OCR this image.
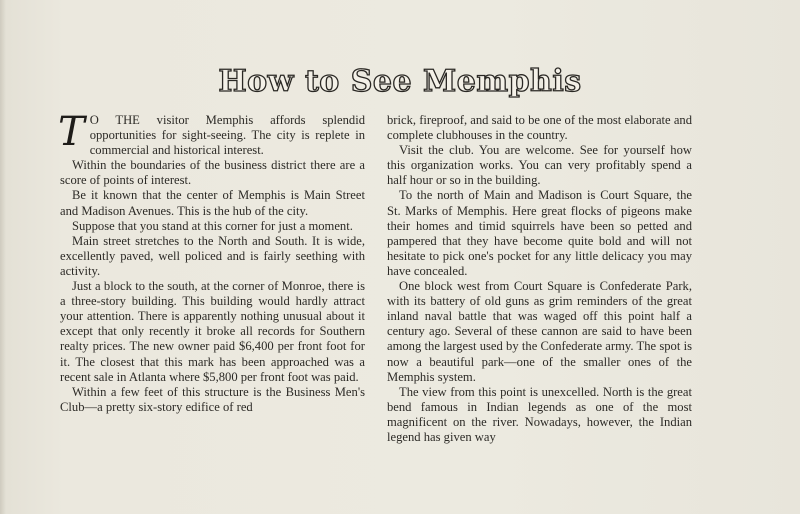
How to See Memphis

T O THE visitor Memphis affords splendid opportunities for sight-seeing. The city is replete in commercial and historical interest.

Within the boundaries of the business district there are a score of points of interest.

Be it known that the center of Memphis is Main Street and Madison Avenues. This is the hub of the city.

Suppose that you stand at this corner for just a moment.

Main street stretches to the North and South. It is wide, excellently paved, well policed and is fairly seething with activity.

Just a block to the south, at the corner of Monroe, there is a three-story building. This building would hardly attract your attention. There is apparently nothing unusual about it except that only recently it broke all records for Southern realty prices. The new owner paid $6,400 per front foot for it. The closest that this mark has been approached was a recent sale in Atlanta where $5,800 per front foot was paid.

Within a few feet of this structure is the Business Men's Club—a pretty six-story edifice of red

brick, fireproof, and said to be one of the most elaborate and complete clubhouses in the country.

Visit the club. You are welcome. See for yourself how this organization works. You can very profitably spend a half hour or so in the building.

To the north of Main and Madison is Court Square, the St. Marks of Memphis. Here great flocks of pigeons make their homes and timid squirrels have been so petted and pampered that they have become quite bold and will not hesitate to pick one's pocket for any little delicacy you may have concealed.

One block west from Court Square is Confederate Park, with its battery of old guns as grim reminders of the great inland naval battle that was waged off this point half a century ago. Several of these cannon are said to have been among the largest used by the Confederate army. The spot is now a beautiful park—one of the smaller ones of the Memphis system.

The view from this point is unexcelled. North is the great bend famous in Indian legends as one of the most magnificent on the river. Nowadays, however, the Indian legend has given way
